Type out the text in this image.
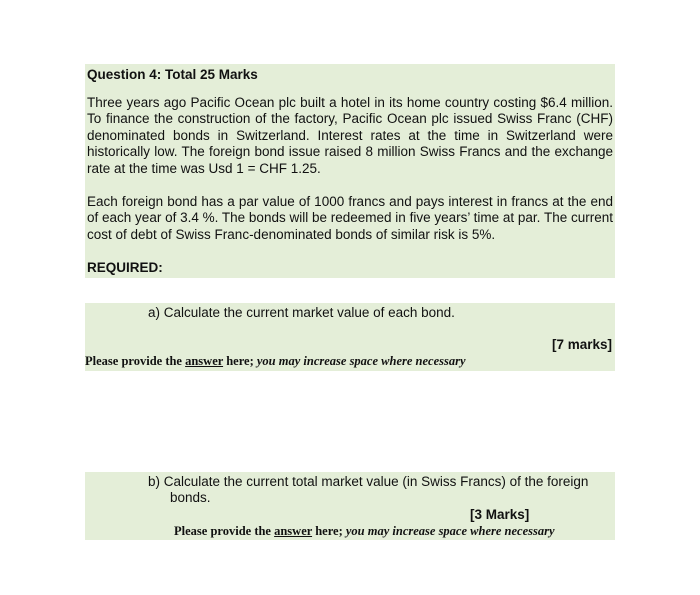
Question 4: Total 25 Marks

Three years ago Pacific Ocean plc built a hotel in its home country costing $6.4 million. To finance the construction of the factory, Pacific Ocean plc issued Swiss Franc (CHF) denominated bonds in Switzerland. Interest rates at the time in Switzerland were historically low. The foreign bond issue raised 8 million Swiss Francs and the exchange rate at the time was Usd 1 = CHF 1.25.

Each foreign bond has a par value of 1000 francs and pays interest in francs at the end of each year of 3.4 %. The bonds will be redeemed in five years’ time at par. The current cost of debt of Swiss Franc-denominated bonds of similar risk is 5%.

REQUIRED:
a) Calculate the current market value of each bond.
[7 marks]
Please provide the answer here; you may increase space where necessary
b) Calculate the current total market value (in Swiss Francs) of the foreign
bonds.
[3 Marks]
Please provide the answer here; you may increase space where necessary
